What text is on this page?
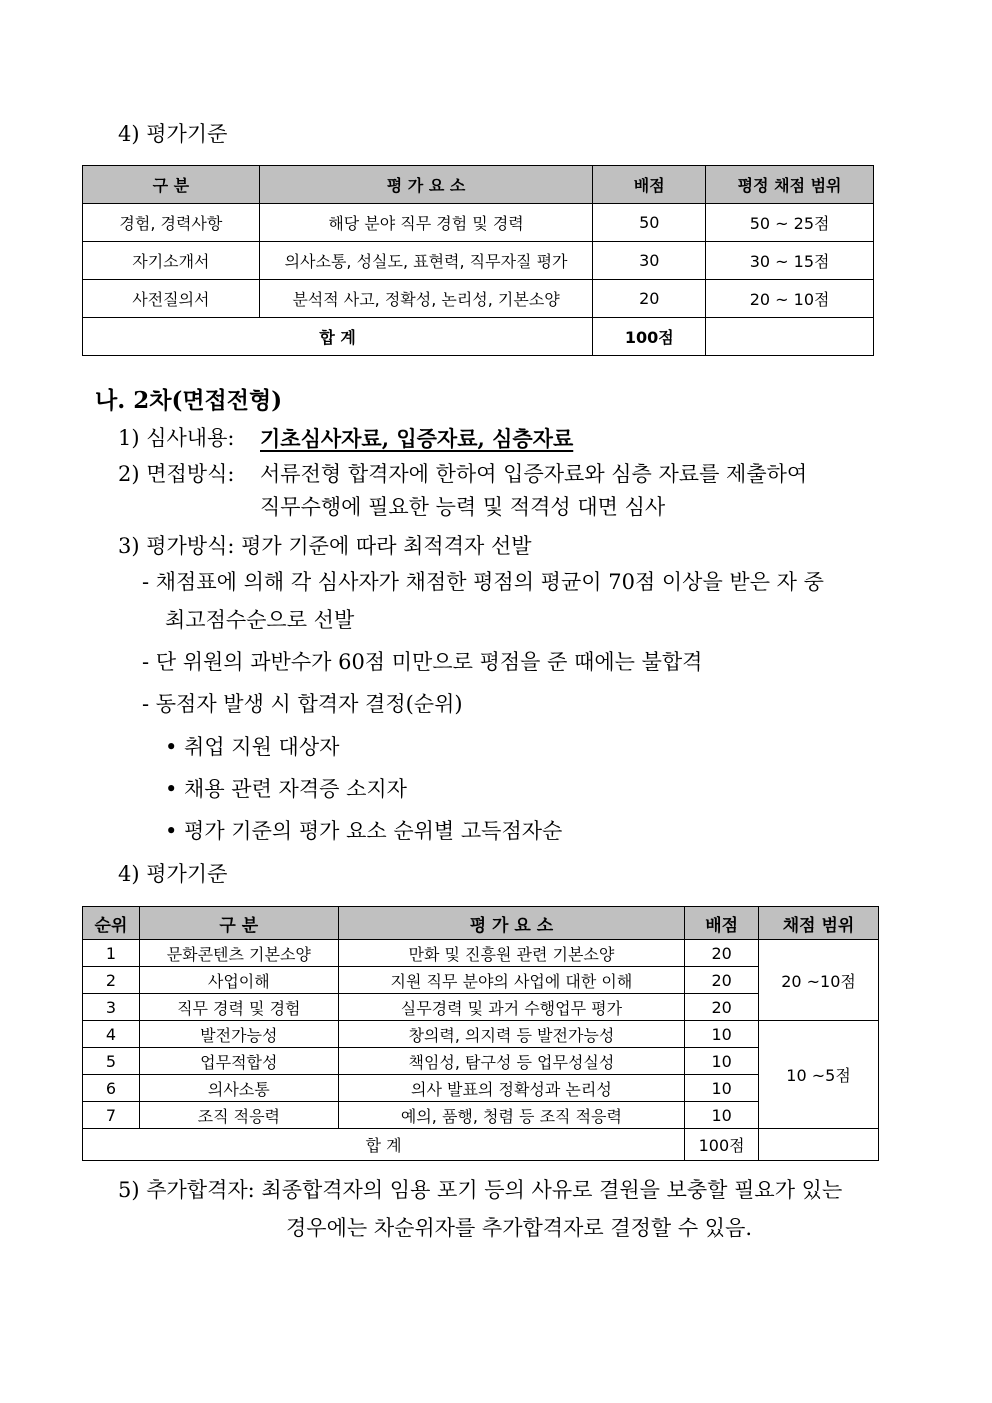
4) 평가기준
구 분	평 가 요 소	배점	평정 채점 범위
경험, 경력사항	해당 분야 직무 경험 및 경력	50	50 ~ 25점
자기소개서	의사소통, 성실도, 표현력, 직무자질 평가	30	30 ~ 15점
사전질의서	분석적 사고, 정확성, 논리성, 기본소양	20	20 ~ 10점
합 계		100점	
나. 2차(면접전형)
1) 심사내용: 기초심사자료, 입증자료, 심층자료
2) 면접방식: 서류전형 합격자에 한하여 입증자료와 심층 자료를 제출하여
직무수행에 필요한 능력 및 적격성 대면 심사
3) 평가방식: 평가 기준에 따라 최적격자 선발
- 채점표에 의해 각 심사자가 채점한 평점의 평균이 70점 이상을 받은 자 중
최고점수순으로 선발
- 단 위원의 과반수가 60점 미만으로 평점을 준 때에는 불합격
- 동점자 발생 시 합격자 결정(순위)
• 취업 지원 대상자
• 채용 관련 자격증 소지자
• 평가 기준의 평가 요소 순위별 고득점자순
4) 평가기준
순위	구 분	평 가 요 소	배점	채점 범위
1	문화콘텐츠 기본소양	만화 및 진흥원 관련 기본소양	20	20 ~10점
2	사업이해	지원 직무 분야의 사업에 대한 이해	20	
3	직무 경력 및 경험	실무경력 및 과거 수행업무 평가	20	
4	발전가능성	창의력, 의지력 등 발전가능성	10	10 ~5점
5	업무적합성	책임성, 탐구성 등 업무성실성	10	
6	의사소통	의사 발표의 정확성과 논리성	10	
7	조직 적응력	예의, 품행, 청렴 등 조직 적응력	10	
합 계			100점	
5) 추가합격자: 최종합격자의 임용 포기 등의 사유로 결원을 보충할 필요가 있는
경우에는 차순위자를 추가합격자로 결정할 수 있음.
